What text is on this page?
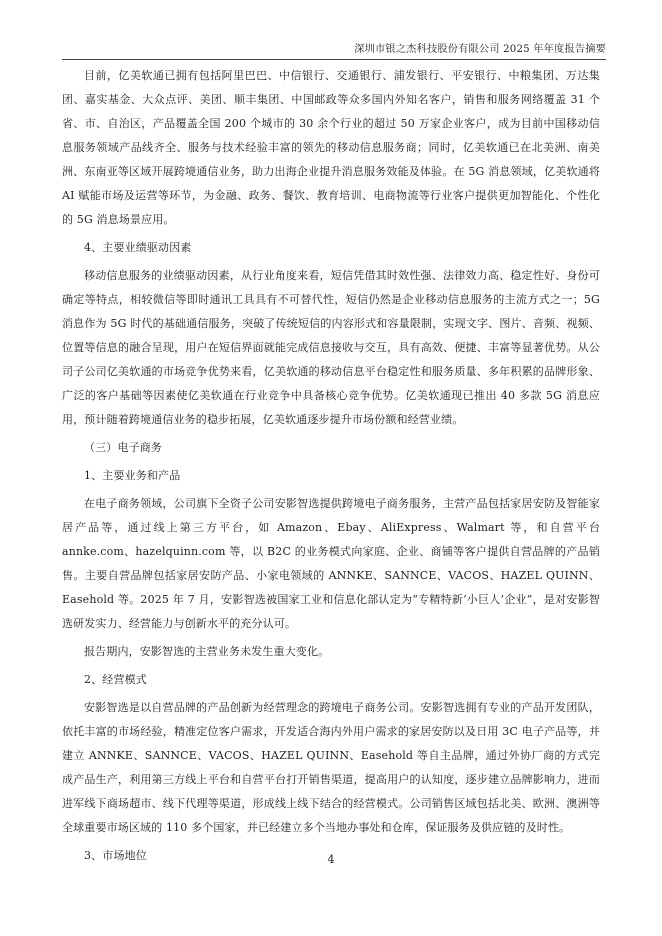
深圳市银之杰科技股份有限公司 2025 年年度报告摘要

目前，亿美软通已拥有包括阿里巴巴、中信银行、交通银行、浦发银行、平安银行、中粮集团、万达集团、嘉实基金、大众点评、美团、顺丰集团、中国邮政等众多国内外知名客户，销售和服务网络覆盖 31 个省、市、自治区，产品覆盖全国 200 个城市的 30 余个行业的超过 50 万家企业客户，成为目前中国移动信息服务领域产品线齐全、服务与技术经验丰富的领先的移动信息服务商；同时，亿美软通已在北美洲、南美洲、东南亚等区域开展跨境通信业务，助力出海企业提升消息服务效能及体验。在 5G 消息领域，亿美软通将 AI 赋能市场及运营等环节，为金融、政务、餐饮、教育培训、电商物流等行业客户提供更加智能化、个性化的 5G 消息场景应用。

4、主要业绩驱动因素

移动信息服务的业绩驱动因素，从行业角度来看，短信凭借其时效性强、法律效力高、稳定性好、身份可确定等特点，相较微信等即时通讯工具具有不可替代性，短信仍然是企业移动信息服务的主流方式之一；5G 消息作为 5G 时代的基础通信服务，突破了传统短信的内容形式和容量限制，实现文字、图片、音频、视频、位置等信息的融合呈现，用户在短信界面就能完成信息接收与交互，具有高效、便捷、丰富等显著优势。从公司子公司亿美软通的市场竞争优势来看，亿美软通的移动信息平台稳定性和服务质量、多年积累的品牌形象、广泛的客户基础等因素使亿美软通在行业竞争中具备核心竞争优势。亿美软通现已推出 40 多款 5G 消息应用，预计随着跨境通信业务的稳步拓展，亿美软通逐步提升市场份额和经营业绩。

（三）电子商务

1、主要业务和产品

在电子商务领域，公司旗下全资子公司安影智选提供跨境电子商务服务，主营产品包括家居安防及智能家居产品等，通过线上第三方平台，如 Amazon、Ebay、AliExpress、Walmart 等，和自营平台 annke.com、hazelquinn.com 等，以 B2C 的业务模式向家庭、企业、商铺等客户提供自营品牌的产品销售。主要自营品牌包括家居安防产品、小家电领域的 ANNKE、SANNCE、VACOS、HAZEL QUINN、Easehold 等。2025 年 7 月，安影智选被国家工业和信息化部认定为“专精特新‘小巨人’企业”，是对安影智选研发实力、经营能力与创新水平的充分认可。

报告期内，安影智选的主营业务未发生重大变化。

2、经营模式

安影智选是以自营品牌的产品创新为经营理念的跨境电子商务公司。安影智选拥有专业的产品开发团队，依托丰富的市场经验，精准定位客户需求，开发适合海内外用户需求的家居安防以及日用 3C 电子产品等，并建立 ANNKE、SANNCE、VACOS、HAZEL QUINN、Easehold 等自主品牌，通过外协厂商的方式完成产品生产，利用第三方线上平台和自营平台打开销售渠道，提高用户的认知度，逐步建立品牌影响力，进而进军线下商场超市、线下代理等渠道，形成线上线下结合的经营模式。公司销售区域包括北美、欧洲、澳洲等全球重要市场区域的 110 多个国家，并已经建立多个当地办事处和仓库，保证服务及供应链的及时性。

3、市场地位	4
